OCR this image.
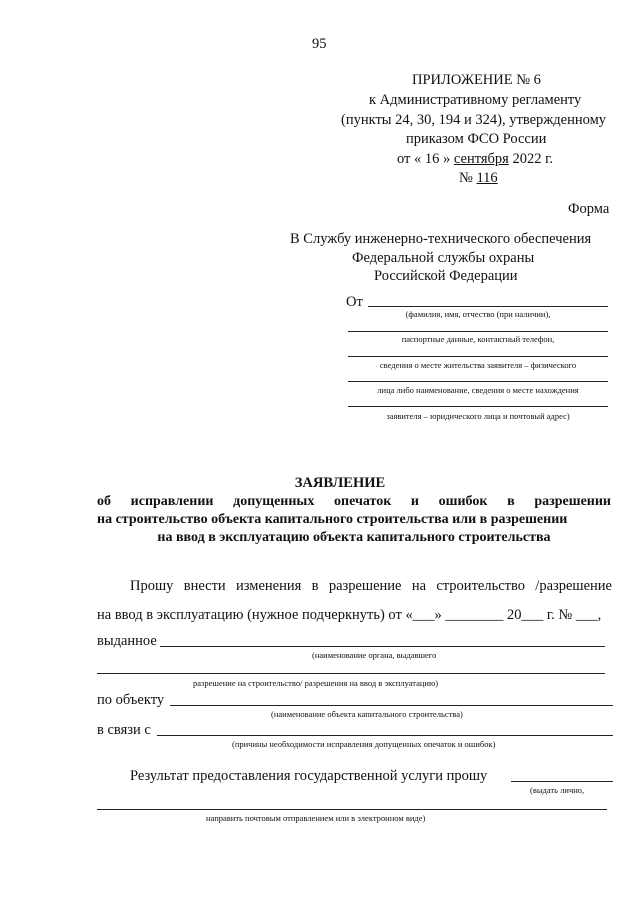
95
ПРИЛОЖЕНИЕ № 6
к Административному регламенту
(пункты 24, 30, 194 и 324), утвержденному
приказом ФСО России
от « 16 » сентября 2022 г.
№ 116
Форма
В Службу инженерно-технического обеспечения
Федеральной службы охраны
Российской Федерации
От
(фамилия, имя, отчество (при наличии),
паспортные данные, контактный телефон,
сведения о месте жительства заявителя – физического
лица либо наименование, сведения о месте нахождения
заявителя – юридического лица и почтовый адрес)
ЗАЯВЛЕНИЕ
об исправлении допущенных опечаток и ошибок в разрешении
на строительство объекта капитального строительства или в разрешении
на ввод в эксплуатацию объекта капитального строительства
Прошу внести изменения в разрешение на строительство /разрешение
на ввод в эксплуатацию (нужное подчеркнуть) от «___» ________ 20___ г. № ___,
выданное
(наименование органа, выдавшего
разрешение на строительство/ разрешения на ввод в эксплуатацию)
по объекту
(наименование объекта капитального строительства)
в связи с
(причины необходимости исправления допущенных опечаток и ошибок)
Результат предоставления государственной услуги прошу
(выдать лично,
направить почтовым отправлением или в электронном виде)
